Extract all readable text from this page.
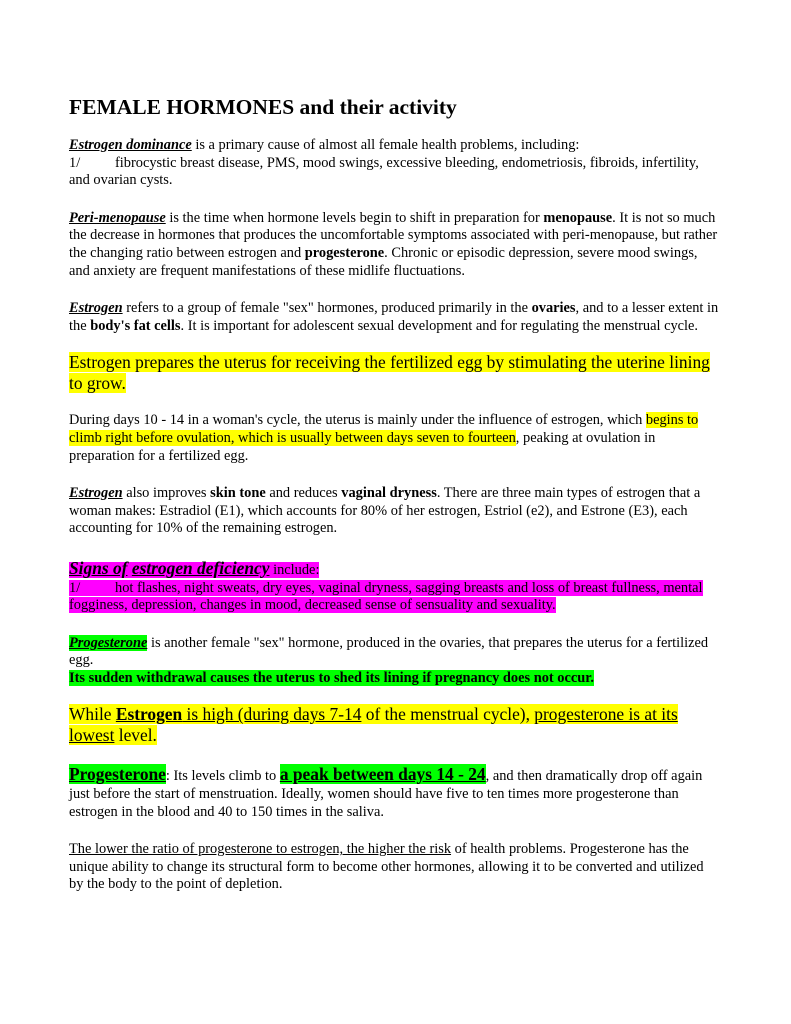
FEMALE HORMONES and their activity

Estrogen dominance is a primary cause of almost all female health problems, including:
1/ fibrocystic breast disease, PMS, mood swings, excessive bleeding, endometriosis, fibroids, infertility, and ovarian cysts.

Peri-menopause is the time when hormone levels begin to shift in preparation for menopause. It is not so much the decrease in hormones that produces the uncomfortable symptoms associated with peri-menopause, but rather the changing ratio between estrogen and progesterone. Chronic or episodic depression, severe mood swings, and anxiety are frequent manifestations of these midlife fluctuations.

Estrogen refers to a group of female "sex" hormones, produced primarily in the ovaries, and to a lesser extent in the body's fat cells. It is important for adolescent sexual development and for regulating the menstrual cycle.

Estrogen prepares the uterus for receiving the fertilized egg by stimulating the uterine lining to grow.

During days 10 - 14 in a woman's cycle, the uterus is mainly under the influence of estrogen, which begins to climb right before ovulation, which is usually between days seven to fourteen, peaking at ovulation in preparation for a fertilized egg.

Estrogen also improves skin tone and reduces vaginal dryness. There are three main types of estrogen that a woman makes: Estradiol (E1), which accounts for 80% of her estrogen, Estriol (e2), and Estrone (E3), each accounting for 10% of the remaining estrogen.

Signs of estrogen deficiency include:
1/ hot flashes, night sweats, dry eyes, vaginal dryness, sagging breasts and loss of breast fullness, mental fogginess, depression, changes in mood, decreased sense of sensuality and sexuality.

Progesterone is another female "sex" hormone, produced in the ovaries, that prepares the uterus for a fertilized egg.
Its sudden withdrawal causes the uterus to shed its lining if pregnancy does not occur.

While Estrogen is high (during days 7-14 of the menstrual cycle), progesterone is at its lowest level.

Progesterone: Its levels climb to a peak between days 14 - 24, and then dramatically drop off again just before the start of menstruation. Ideally, women should have five to ten times more progesterone than estrogen in the blood and 40 to 150 times in the saliva.

The lower the ratio of progesterone to estrogen, the higher the risk of health problems. Progesterone has the unique ability to change its structural form to become other hormones, allowing it to be converted and utilized by the body to the point of depletion.
